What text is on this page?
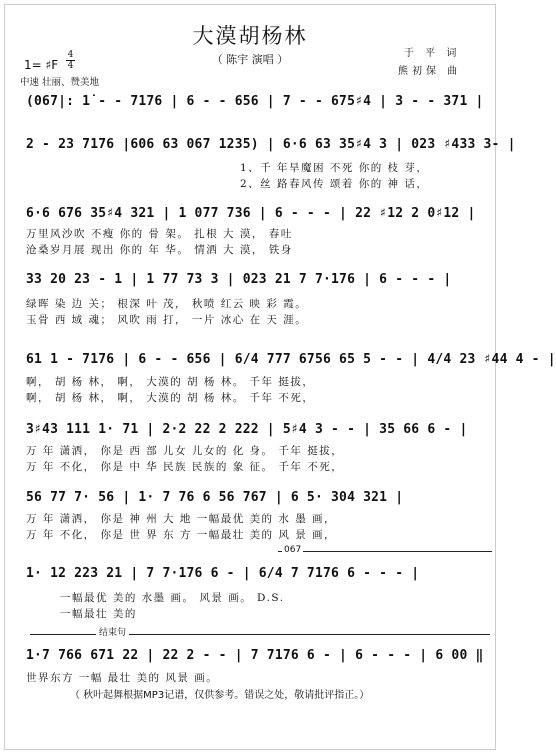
大漠胡杨林
（ 陈宇 演唱 ）	于 平 词
熊初保 曲
1= ♯F
4
4
中速 壮丽、赞美地
(067|: 1̇ - - 7176 | 6 - - 656 | 7 - - 675♯4 | 3 - - 371 |
2 - 23 7176 |606 63 067 1235) | 6·6 63 35♯4 3 | 023 ♯433 3- |
1、千 年旱魔困 不死 你的 枝 芽，
2、丝 路春风传 颂着 你的 神 话，
6·6 676 35♯4 321 | 1 077 736 | 6 - - - | 22 ♯12 2 0♯12 |
万里风沙吹 不瘦 你的 骨 架。 扎根 大 漠， 春吐
沧桑岁月展 现出 你的 年 华。 情洒 大 漠， 铁身
33 20 23 - 1 | 1 77 73 3 | 023 21 7 7·176 | 6 - - - |
绿晖 染 边 关； 根深 叶 茂， 秋喷 红云 映 彩 霞。
玉骨 西 域 魂； 风吹 雨 打， 一片 冰心 在 天 涯。
61 1 - 7176 | 6 - - 656 | 6/4 777 6756 65 5 - - | 4/4 23 ♯44 4 - |
啊， 胡 杨 林， 啊， 大漠的 胡 杨 林。 千年 挺拔，
啊， 胡 杨 林， 啊， 大漠的 胡 杨 林。 千年 不死，
3♯43 111 1· 71 | 2·2 22 2 222 | 5♯4 3 - - | 35 66 6 - |
万 年 潇洒， 你是 西 部 儿女 儿女的 化 身。 千年 挺拔，
万 年 不化， 你是 中 华 民族 民族的 象 征。 千年 不死，
56 77 7· 56 | 1· 7 76 6 56 767 | 6 5· 304 321 |
万 年 潇洒， 你是 神 州 大 地 一幅最优 美的 水 墨 画，
万 年 不化， 你是 世 界 东 方 一幅最壮 美的 风 景 画，
067
1· 12 223 21 | 7 7·176 6 - | 6/4 7 7176 6 - - - |
一幅最优 美的 水墨 画。 风景 画。 D.S.
一幅最壮 美的
结束句
1·7 766 671 22 | 22 2 - - | 7 7176 6 - | 6 - - - | 6 00 ‖
世界东方 一幅 最壮 美的 风景 画。
（ 秋叶起舞根据MP3记谱，仅供参考。错误之处，敬请批评指正。）
